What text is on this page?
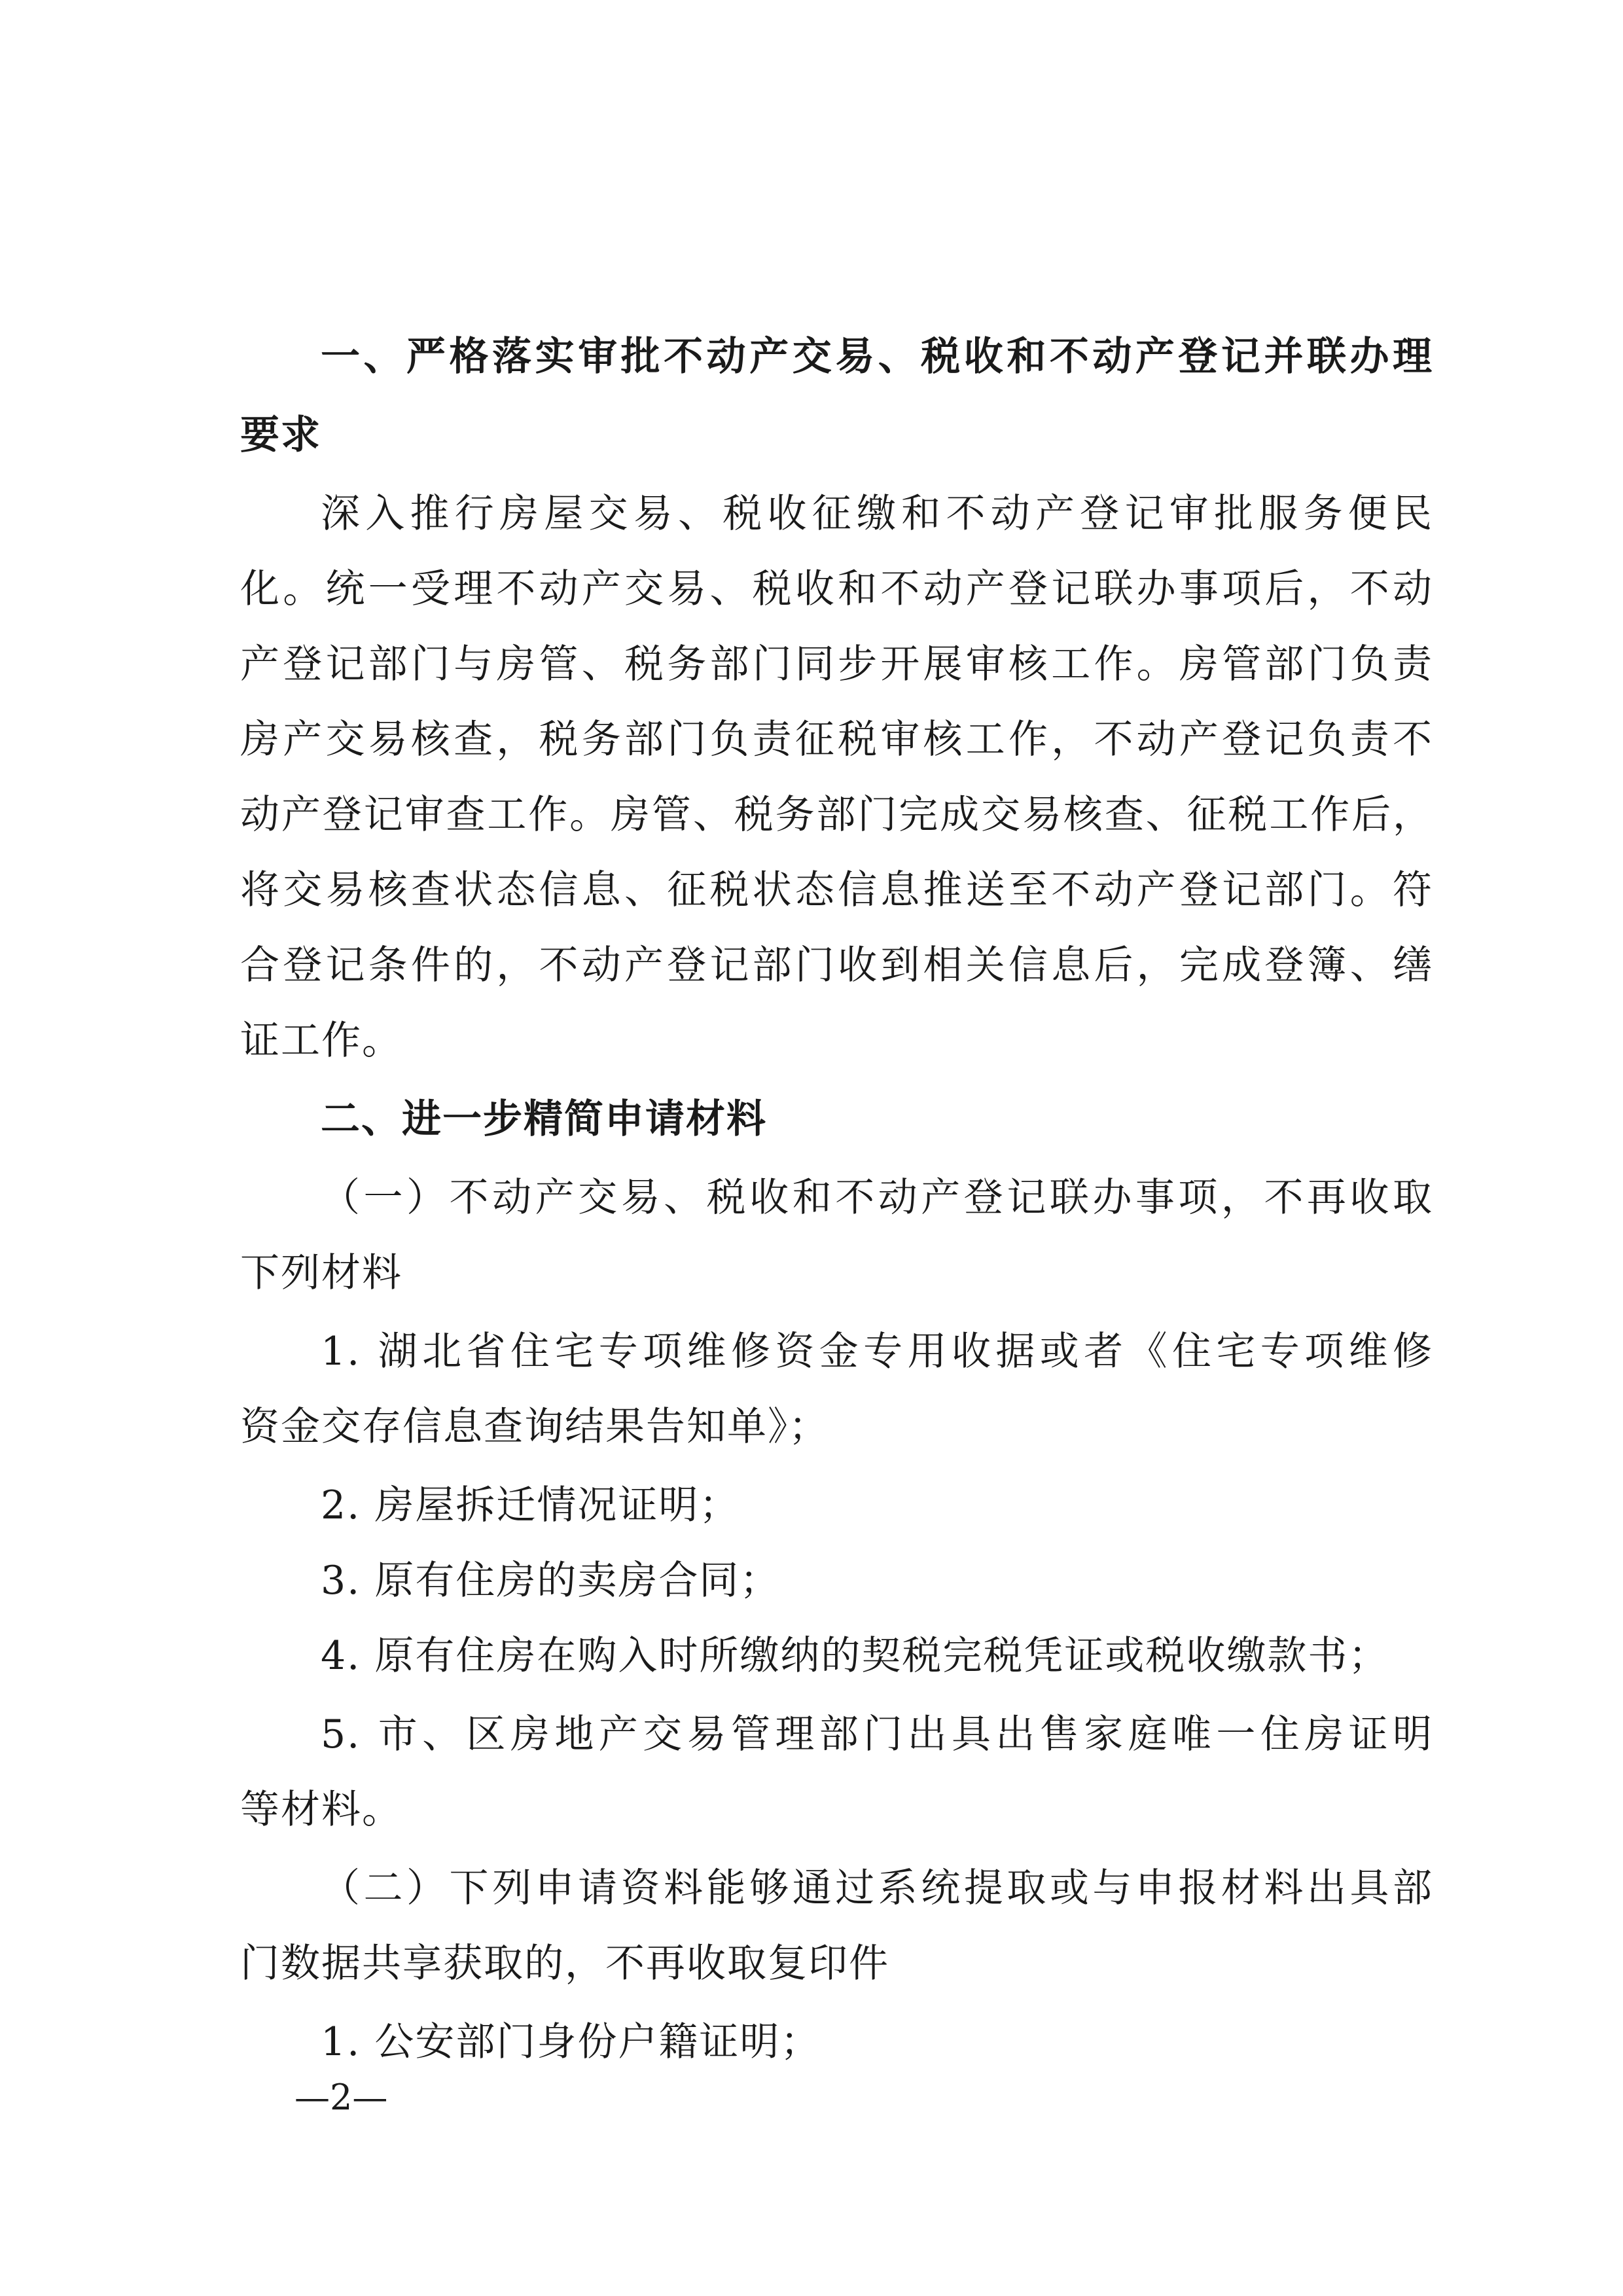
一、严格落实审批不动产交易、税收和不动产登记并联办理
要求
深入推行房屋交易、税收征缴和不动产登记审批服务便民
化。统一受理不动产交易、税收和不动产登记联办事项后，不动
产登记部门与房管、税务部门同步开展审核工作。房管部门负责
房产交易核查，税务部门负责征税审核工作，不动产登记负责不
动产登记审查工作。房管、税务部门完成交易核查、征税工作后，
将交易核查状态信息、征税状态信息推送至不动产登记部门。符
合登记条件的，不动产登记部门收到相关信息后，完成登簿、缮
证工作。
二、进一步精简申请材料
（一）不动产交易、税收和不动产登记联办事项，不再收取
下列材料
1. 湖北省住宅专项维修资金专用收据或者《住宅专项维修
资金交存信息查询结果告知单》；
2. 房屋拆迁情况证明；
3. 原有住房的卖房合同；
4. 原有住房在购入时所缴纳的契税完税凭证或税收缴款书；
5. 市、区房地产交易管理部门出具出售家庭唯一住房证明
等材料。
（二）下列申请资料能够通过系统提取或与申报材料出具部
门数据共享获取的，不再收取复印件
1. 公安部门身份户籍证明；
—2—
